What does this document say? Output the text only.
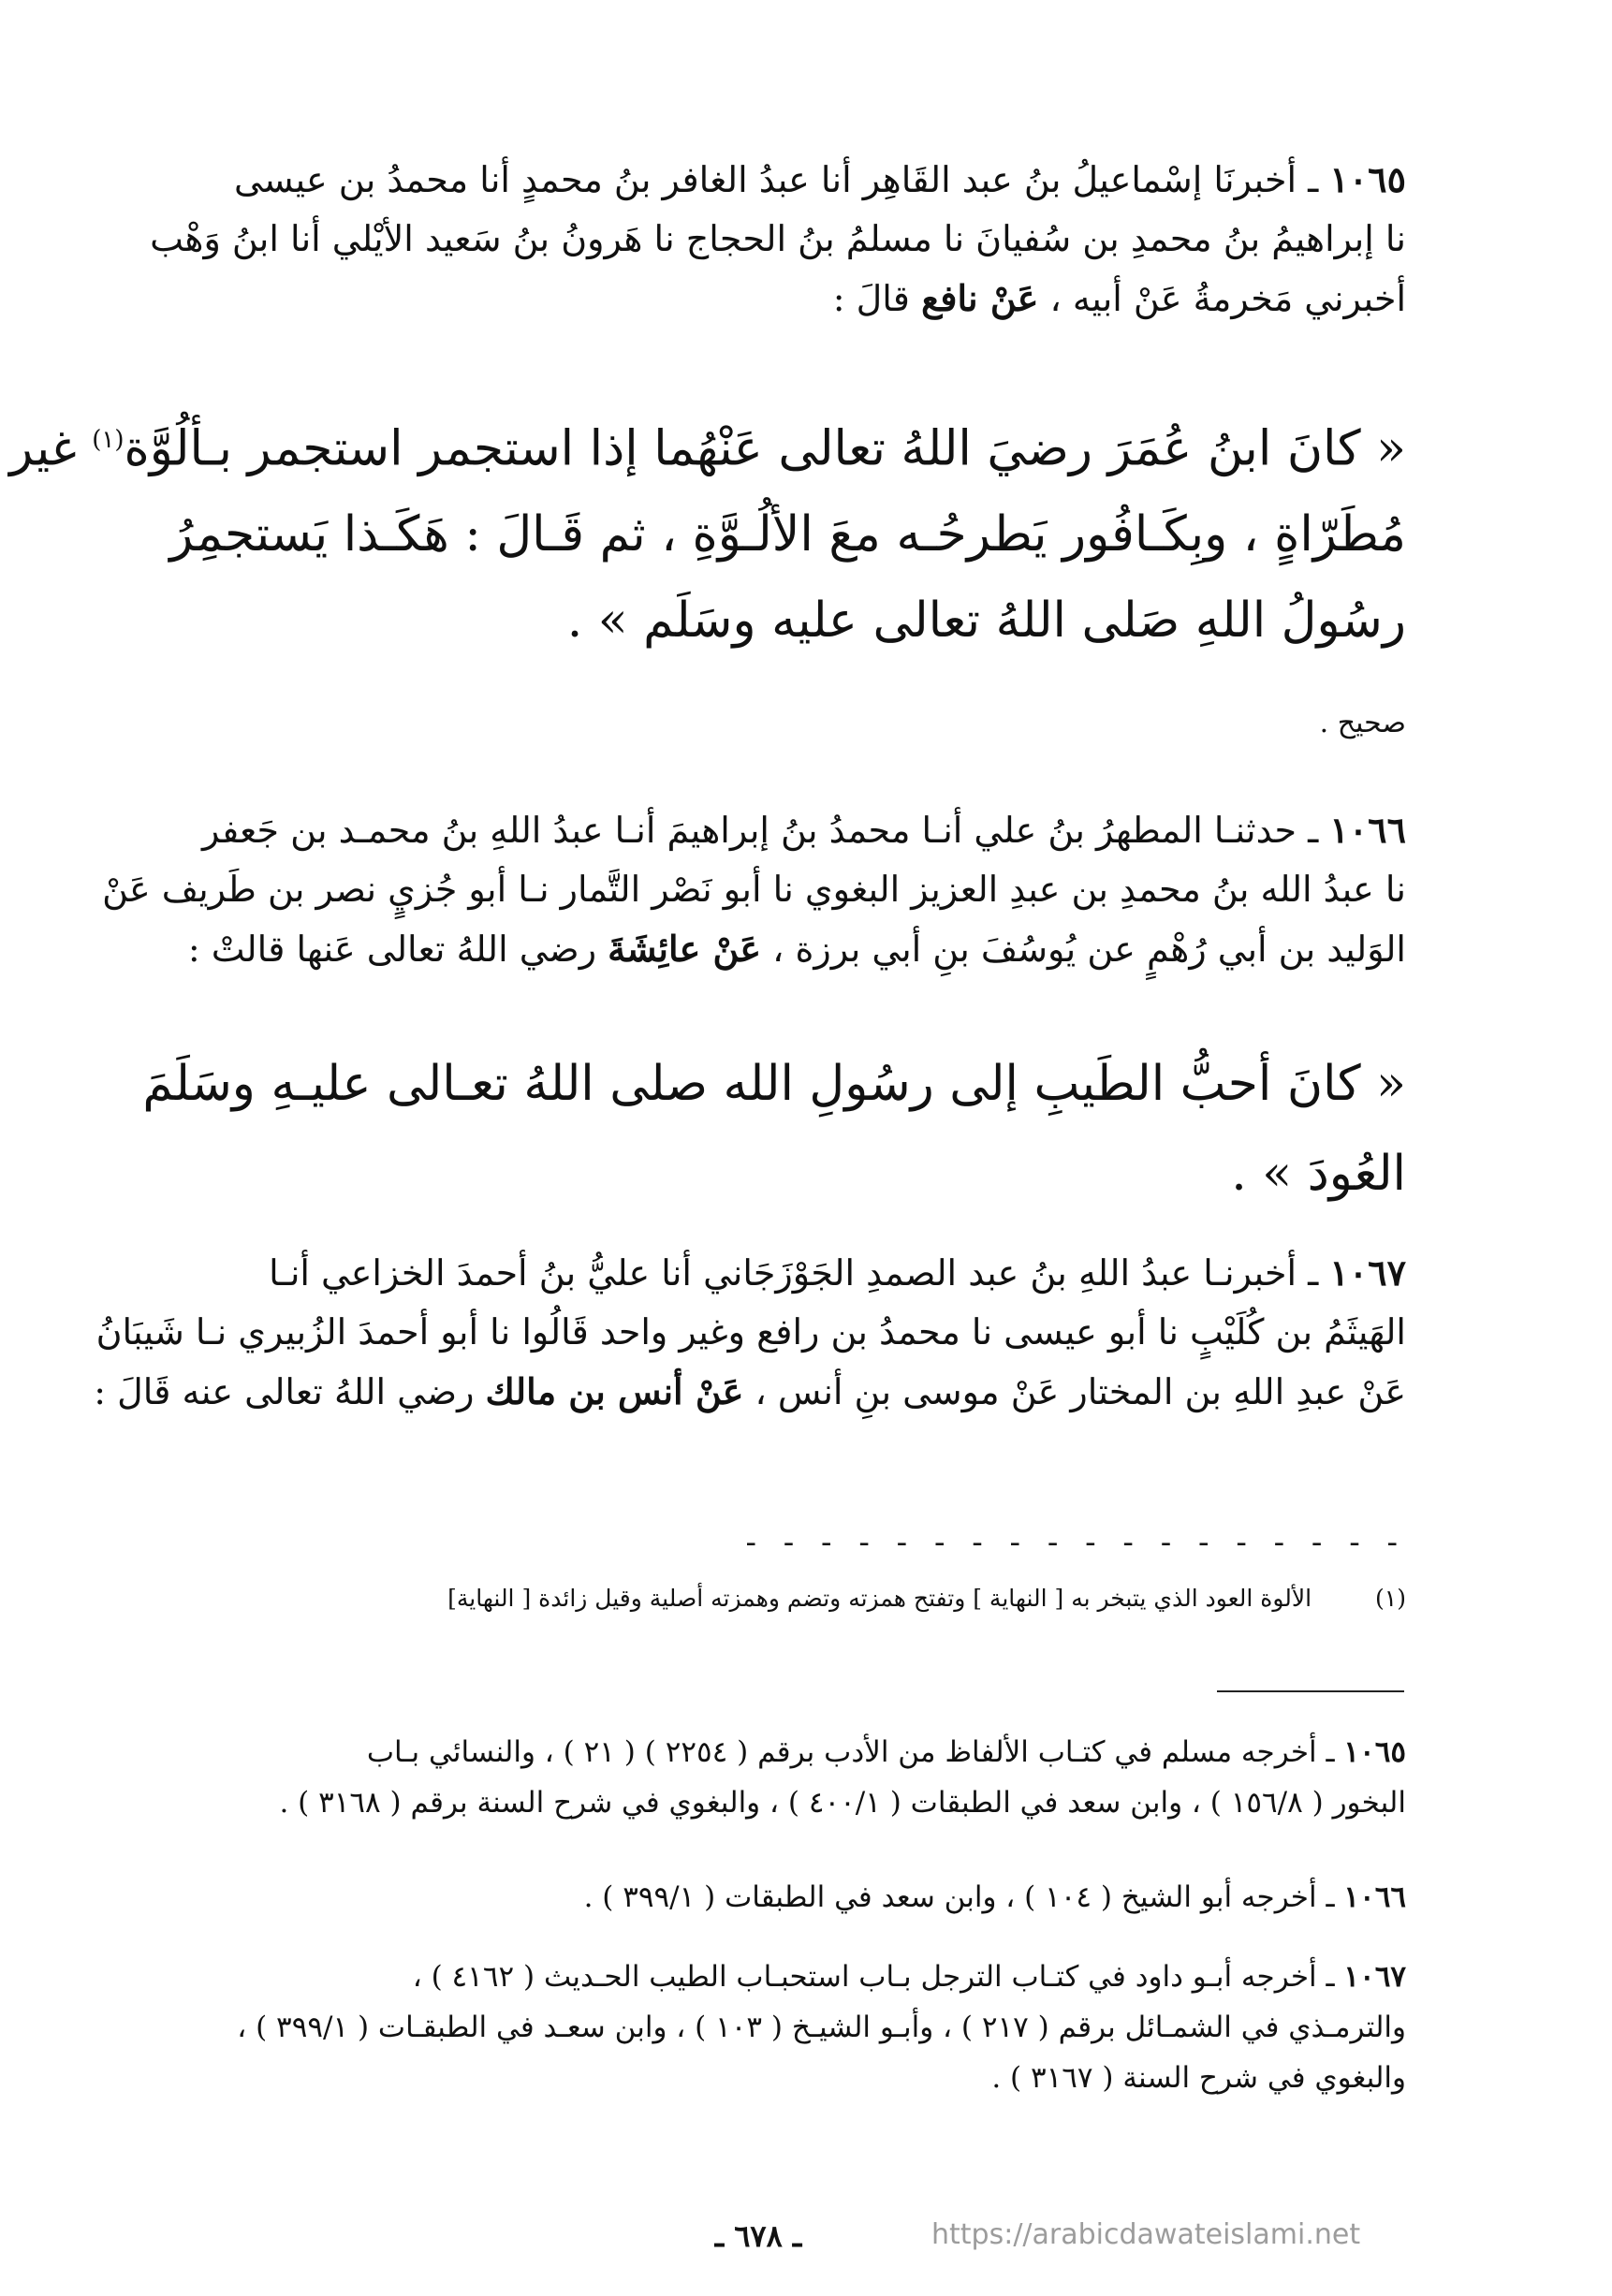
١٠٦٥ ـ أخبرنَا إسْماعيلُ بنُ عبد القَاهِر أنا عبدُ الغافر بنُ محمدٍ أنا محمدُ بن عيسى
نا إبراهيمُ بنُ محمدِ بن سُفيانَ نا مسلمُ بنُ الحجاج نا هَرونُ بنُ سَعيد الأيْلي أنا ابنُ وَهْب
أخبرني مَخرمةُ عَنْ أبيه ، عَنْ نافع قالَ :
« كانَ ابنُ عُمَرَ رضيَ اللهُ تعالى عَنْهُما إذا استجمر استجمر بـألُوَّة$^{(١)}$ غير
مُطَرّاةٍ ، وبِكَـافُور يَطرحُـه معَ الألُـوَّةِ ، ثم قَـالَ : هَكَـذا يَستجمِرُ
رسُولُ اللهِ صَلى اللهُ تعالى عليه وسَلَم » .
صحيح .
١٠٦٦ ـ حدثنـا المطهرُ بنُ علي أنـا محمدُ بنُ إبراهيمَ أنـا عبدُ اللهِ بنُ محمـد بن جَعفر
نا عبدُ الله بنُ محمدِ بن عبدِ العزيز البغوي نا أبو نَصْر التَّمار نـا أبو جُزيٍ نصر بن طَريف عَنْ
الوَليد بن أبي رُهْمٍ عن يُوسُفَ بنِ أبي برزة ، عَنْ عائِشَةَ رضي اللهُ تعالى عَنها قالتْ :
« كانَ أحبُّ الطَيبِ إلى رسُولِ الله صلى اللهُ تعـالى عليـهِ وسَلَمَ
العُودَ » .
١٠٦٧ ـ أخبرنـا عبدُ اللهِ بنُ عبد الصمدِ الجَوْزَجَاني أنا عليُّ بنُ أحمدَ الخزاعي أنـا
الهَيثَمُ بن كُلَيْبٍ نا أبو عيسى نا محمدُ بن رافع وغير واحد قَالُوا نا أبو أحمدَ الزُبيري نـا شَيبَانُ
عَنْ عبدِ اللهِ بن المختار عَنْ موسى بنِ أنس ، عَنْ أنس بن مالك رضي اللهُ تعالى عنه قَالَ :
- - - - - - - - - - - - - - - - - -
(١) الألوة العود الذي يتبخر به [ النهاية ] وتفتح همزته وتضم وهمزته أصلية وقيل زائدة [ النهاية]
١٠٦٥ ـ أخرجه مسلم في كتـاب الألفاظ من الأدب برقم ( ٢٢٥٤ ) ( ٢١ ) ، والنسائي بـاب
البخور ( ١٥٦/٨ ) ، وابن سعد في الطبقات ( ٤٠٠/١ ) ، والبغوي في شرح السنة برقم ( ٣١٦٨ ) .
١٠٦٦ ـ أخرجه أبو الشيخ ( ١٠٤ ) ، وابن سعد في الطبقات ( ٣٩٩/١ ) .
١٠٦٧ ـ أخرجه أبـو داود في كتـاب الترجل بـاب استحبـاب الطيب الحـديث ( ٤١٦٢ ) ،
والترمـذي في الشمـائل برقم ( ٢١٧ ) ، وأبـو الشيـخ ( ١٠٣ ) ، وابن سعـد في الطبقـات ( ٣٩٩/١ ) ،
والبغوي في شرح السنة ( ٣١٦٧ ) .
ـ ٦٧٨ ـ	https://arabicdawateislami.net
